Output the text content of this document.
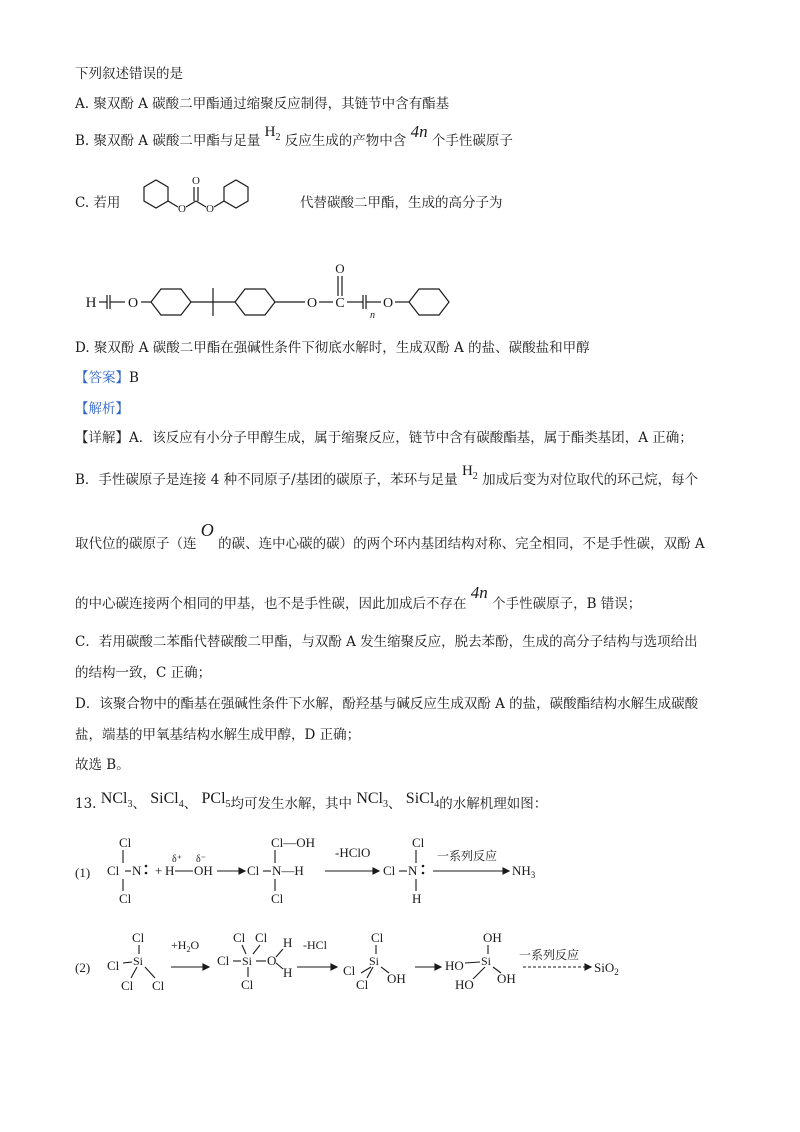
下列叙述错误的是
A. 聚双酚 A 碳酸二甲酯通过缩聚反应制得，其链节中含有酯基
B. 聚双酚 A 碳酸二甲酯与足量 $H_2$ 反应生成的产物中含 4n 个手性碳原子
C. 若用	O
O
O	代替碳酸二甲酯，生成的高分子为
H O	O C
O
n
O
D. 聚双酚 A 碳酸二甲酯在强碱性条件下彻底水解时，生成双酚 A 的盐、碳酸盐和甲醇
【答案】B
【解析】
【详解】A．该反应有小分子甲醇生成，属于缩聚反应，链节中含有碳酸酯基，属于酯类基团，A 正确；
B．手性碳原子是连接 4 种不同原子/基团的碳原子，苯环与足量 $H_2$ 加成后变为对位取代的环己烷，每个
取代位的碳原子（连 O 的碳、连中心碳的碳）的两个环内基团结构对称、完全相同，不是手性碳，双酚 A
的中心碳连接两个相同的甲基，也不是手性碳，因此加成后不存在 4n 个手性碳原子，B 错误；
C．若用碳酸二苯酯代替碳酸二甲酯，与双酚 A 发生缩聚反应，脱去苯酚，生成的高分子结构与选项给出
的结构一致，C 正确；
D．该聚合物中的酯基在强碱性条件下水解，酚羟基与碱反应生成双酚 A 的盐，碳酸酯结构水解生成碳酸
盐，端基的甲氧基结构水解生成甲醇，D 正确；
故选 B。
13. NCl$_3$、 SiCl$_4$、 PCl$_5$均可发生水解，其中 NCl$_3$、 SiCl$_4$的水解机理如图：
(1)
Cl
Cl N
Cl
+ H OH
δ⁺ δ⁻
Cl—OH
Cl N—H
Cl
-HClO
Cl
Cl N
H
一系列反应
$NH_3$
(2)
Cl
Cl Si
Cl Cl
$+H_2O$	Cl Cl
Cl Si O
H
H
Cl
-HCl	Cl
Si
Cl
Cl OH
OH
Si
HO
HO OH
一系列反应
SiO$_2$
